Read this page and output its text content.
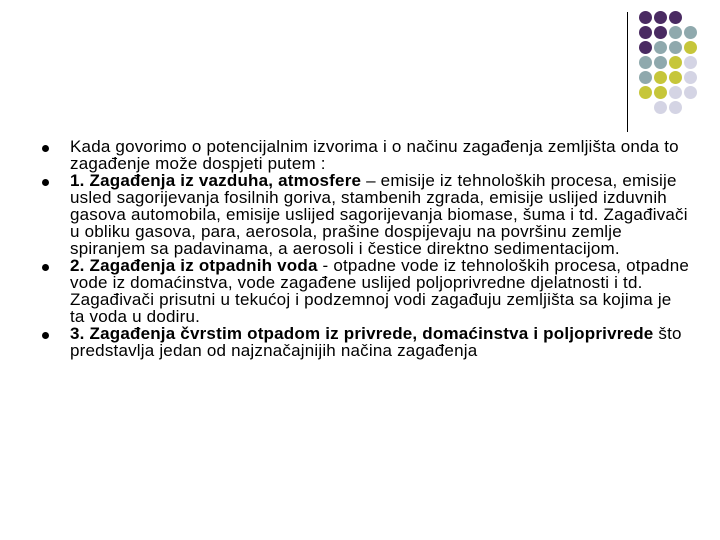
Kada govorimo o potencijalnim izvorima i o načinu zagađenja zemljišta onda to zagađenje može dospjeti putem :
1. Zagađenja iz vazduha, atmosfere – emisije iz tehnoloških procesa, emisije usled sagorijevanja fosilnih goriva, stambenih zgrada, emisije uslijed izduvnih gasova automobila, emisije uslijed sagorijevanja biomase, šuma i td. Zagađivači u obliku gasova, para, aerosola, prašine dospijevaju na površinu zemlje spiranjem sa padavinama, a aerosoli i čestice direktno sedimentacijom.
2. Zagađenja iz otpadnih voda - otpadne vode iz tehnoloških procesa, otpadne vode iz domaćinstva, vode zagađene uslijed poljoprivredne djelatnosti i td. Zagađivači prisutni u tekućoj i podzemnoj vodi zagađuju zemljišta sa kojima je ta voda u dodiru.
3. Zagađenja čvrstim otpadom iz privrede, domaćinstva i poljoprivrede što predstavlja jedan od najznačajnijih načina zagađenja
